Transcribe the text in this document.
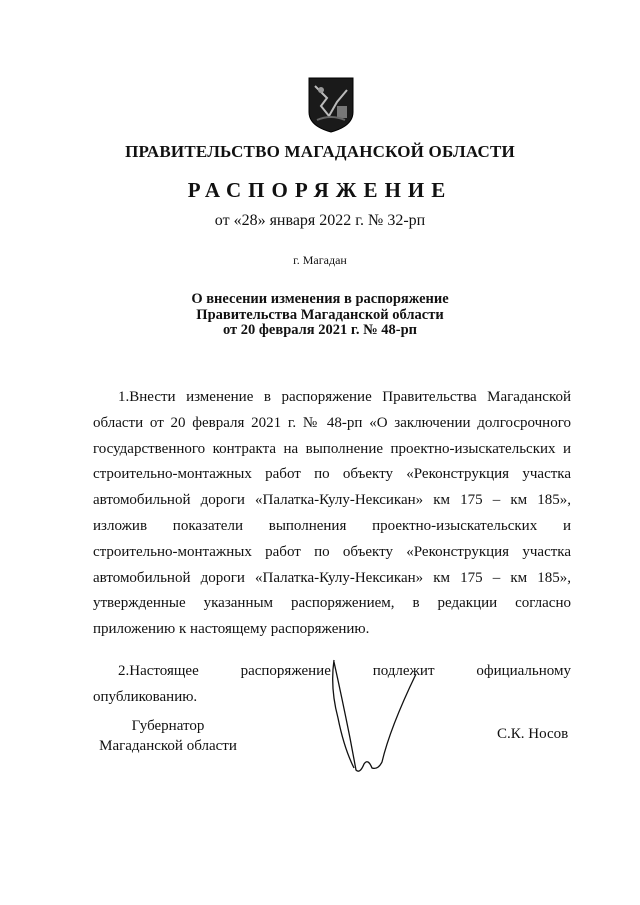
ПРАВИТЕЛЬСТВО МАГАДАНСКОЙ ОБЛАСТИ
РАСПОРЯЖЕНИЕ
от «28» января 2022 г. № 32-рп
г. Магадан
О внесении изменения в распоряжение
Правительства Магаданской области
от 20 февраля 2021 г. № 48-рп
1.Внести изменение в распоряжение Правительства Магаданской области от 20 февраля 2021 г. № 48-рп «О заключении долгосрочного государственного контракта на выполнение проектно-изыскательских и строительно-монтажных работ по объекту «Реконструкция участка автомобильной дороги «Палатка-Кулу-Нексикан» км 175 – км 185», изложив показатели выполнения проектно-изыскательских и строительно-монтажных работ по объекту «Реконструкция участка автомобильной дороги «Палатка-Кулу-Нексикан» км 175 – км 185», утвержденные указанным распоряжением, в редакции согласно приложению к настоящему распоряжению.
2.Настоящее распоряжение подлежит официальному
опубликованию.
Губернатор
Магаданской области
С.К. Носов
